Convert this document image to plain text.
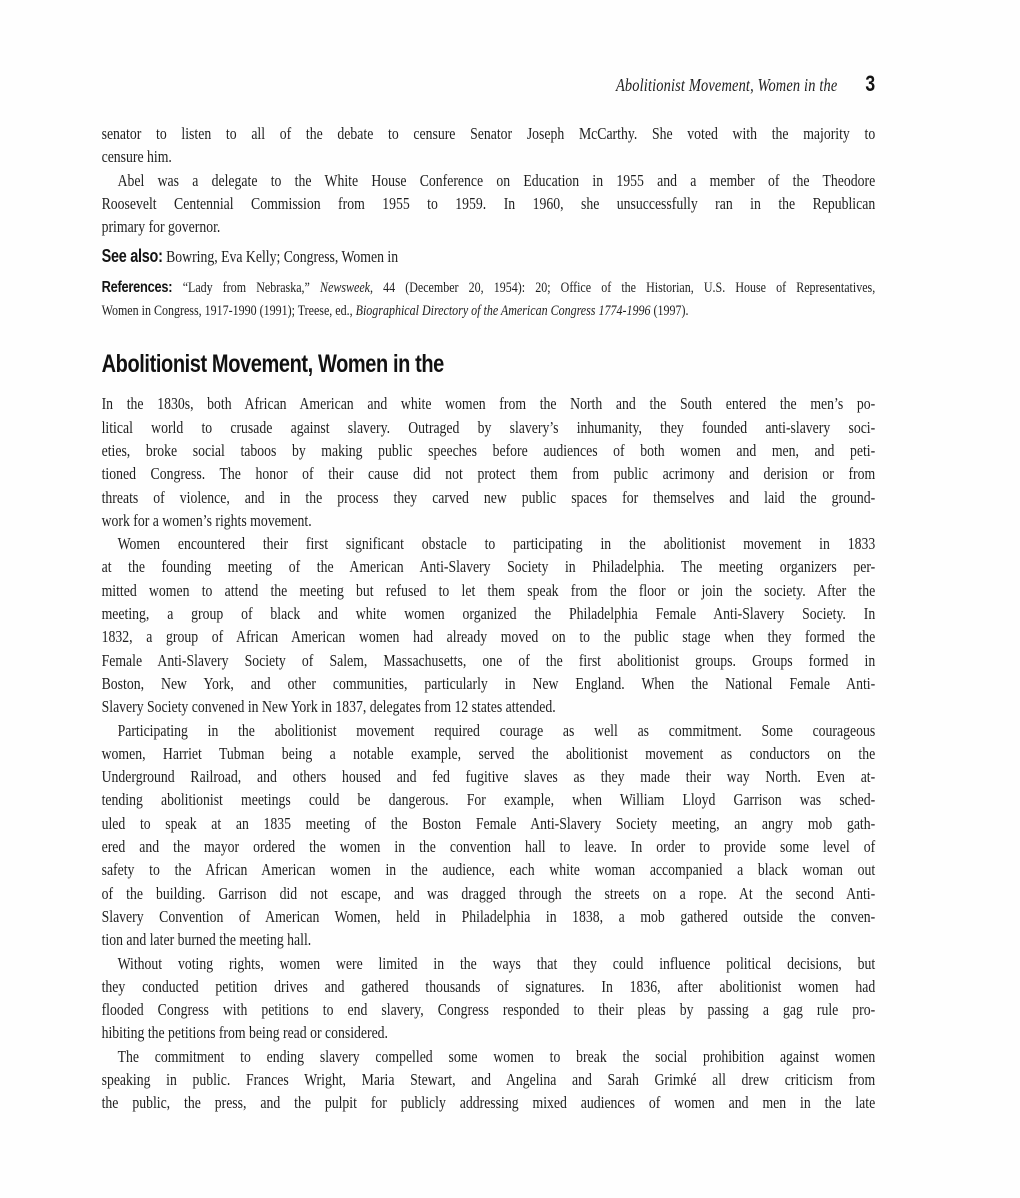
Abolitionist Movement, Women in the 3
senator to listen to all of the debate to censure Senator Joseph McCarthy. She voted with the majority to
censure him.
Abel was a delegate to the White House Conference on Education in 1955 and a member of the Theodore
Roosevelt Centennial Commission from 1955 to 1959. In 1960, she unsuccessfully ran in the Republican
primary for governor.
See also: Bowring, Eva Kelly; Congress, Women in
References: “Lady from Nebraska,” Newsweek, 44 (December 20, 1954): 20; Office of the Historian, U.S. House of Representatives,
Women in Congress, 1917-1990 (1991); Treese, ed., Biographical Directory of the American Congress 1774-1996 (1997).
Abolitionist Movement, Women in the
In the 1830s, both African American and white women from the North and the South entered the men’s po-
litical world to crusade against slavery. Outraged by slavery’s inhumanity, they founded anti-slavery soci-
eties, broke social taboos by making public speeches before audiences of both women and men, and peti-
tioned Congress. The honor of their cause did not protect them from public acrimony and derision or from
threats of violence, and in the process they carved new public spaces for themselves and laid the ground-
work for a women’s rights movement.
Women encountered their first significant obstacle to participating in the abolitionist movement in 1833
at the founding meeting of the American Anti-Slavery Society in Philadelphia. The meeting organizers per-
mitted women to attend the meeting but refused to let them speak from the floor or join the society. After the
meeting, a group of black and white women organized the Philadelphia Female Anti-Slavery Society. In
1832, a group of African American women had already moved on to the public stage when they formed the
Female Anti-Slavery Society of Salem, Massachusetts, one of the first abolitionist groups. Groups formed in
Boston, New York, and other communities, particularly in New England. When the National Female Anti-
Slavery Society convened in New York in 1837, delegates from 12 states attended.
Participating in the abolitionist movement required courage as well as commitment. Some courageous
women, Harriet Tubman being a notable example, served the abolitionist movement as conductors on the
Underground Railroad, and others housed and fed fugitive slaves as they made their way North. Even at-
tending abolitionist meetings could be dangerous. For example, when William Lloyd Garrison was sched-
uled to speak at an 1835 meeting of the Boston Female Anti-Slavery Society meeting, an angry mob gath-
ered and the mayor ordered the women in the convention hall to leave. In order to provide some level of
safety to the African American women in the audience, each white woman accompanied a black woman out
of the building. Garrison did not escape, and was dragged through the streets on a rope. At the second Anti-
Slavery Convention of American Women, held in Philadelphia in 1838, a mob gathered outside the conven-
tion and later burned the meeting hall.
Without voting rights, women were limited in the ways that they could influence political decisions, but
they conducted petition drives and gathered thousands of signatures. In 1836, after abolitionist women had
flooded Congress with petitions to end slavery, Congress responded to their pleas by passing a gag rule pro-
hibiting the petitions from being read or considered.
The commitment to ending slavery compelled some women to break the social prohibition against women
speaking in public. Frances Wright, Maria Stewart, and Angelina and Sarah Grimké all drew criticism from
the public, the press, and the pulpit for publicly addressing mixed audiences of women and men in the late
